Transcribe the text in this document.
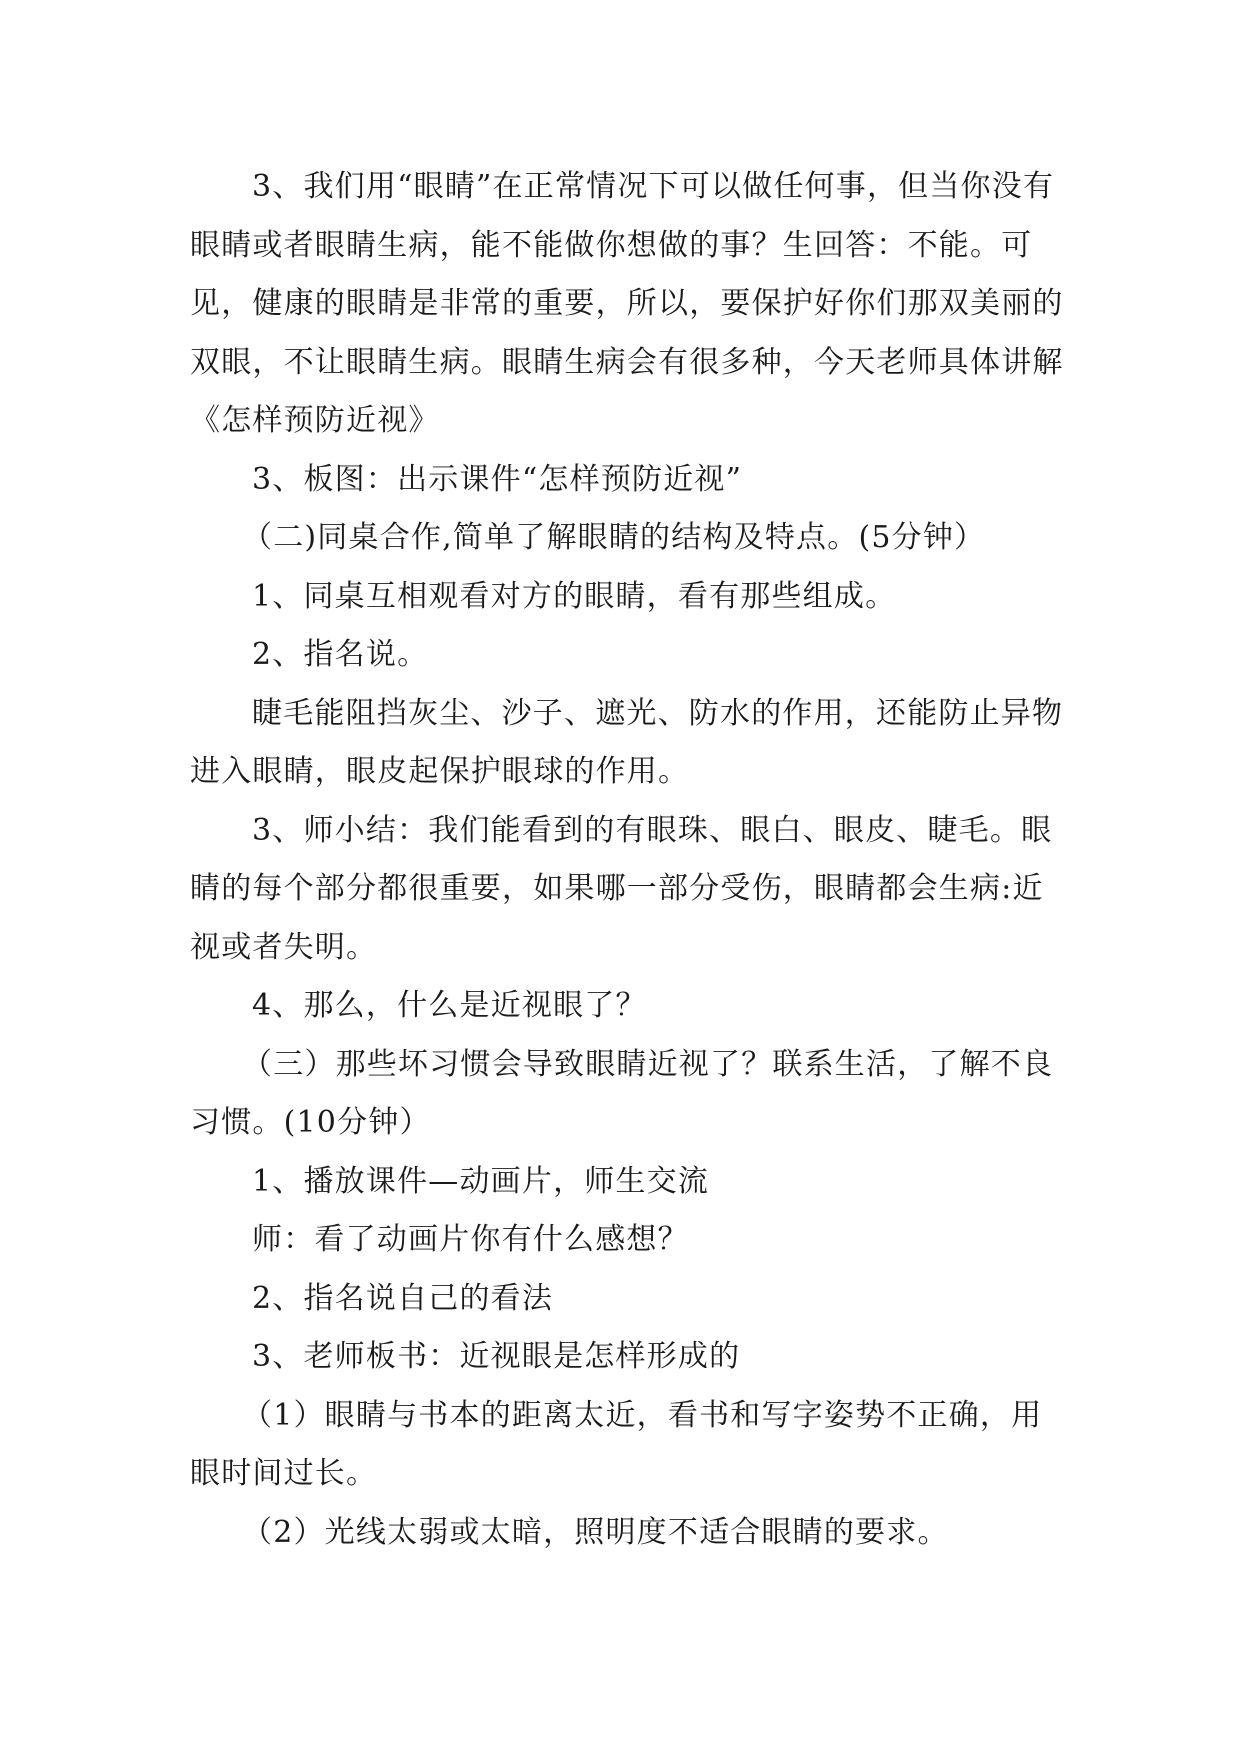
3、我们用“眼睛”在正常情况下可以做任何事，但当你没有眼睛或者眼睛生病，能不能做你想做的事？生回答：不能。可见，健康的眼睛是非常的重要，所以，要保护好你们那双美丽的双眼，不让眼睛生病。眼睛生病会有很多种，今天老师具体讲解《怎样预防近视》

3、板图：出示课件“怎样预防近视”

（二)同桌合作,简单了解眼睛的结构及特点。(5分钟）

1、同桌互相观看对方的眼睛，看有那些组成。

2、指名说。

睫毛能阻挡灰尘、沙子、遮光、防水的作用，还能防止异物进入眼睛，眼皮起保护眼球的作用。

3、师小结：我们能看到的有眼珠、眼白、眼皮、睫毛。眼睛的每个部分都很重要，如果哪一部分受伤，眼睛都会生病:近视或者失明。

4、那么，什么是近视眼了？

（三）那些坏习惯会导致眼睛近视了？联系生活，了解不良习惯。(10分钟）

1、播放课件—动画片，师生交流

师：看了动画片你有什么感想？

2、指名说自己的看法

3、老师板书：近视眼是怎样形成的

（1）眼睛与书本的距离太近，看书和写字姿势不正确，用眼时间过长。

（2）光线太弱或太暗，照明度不适合眼睛的要求。
